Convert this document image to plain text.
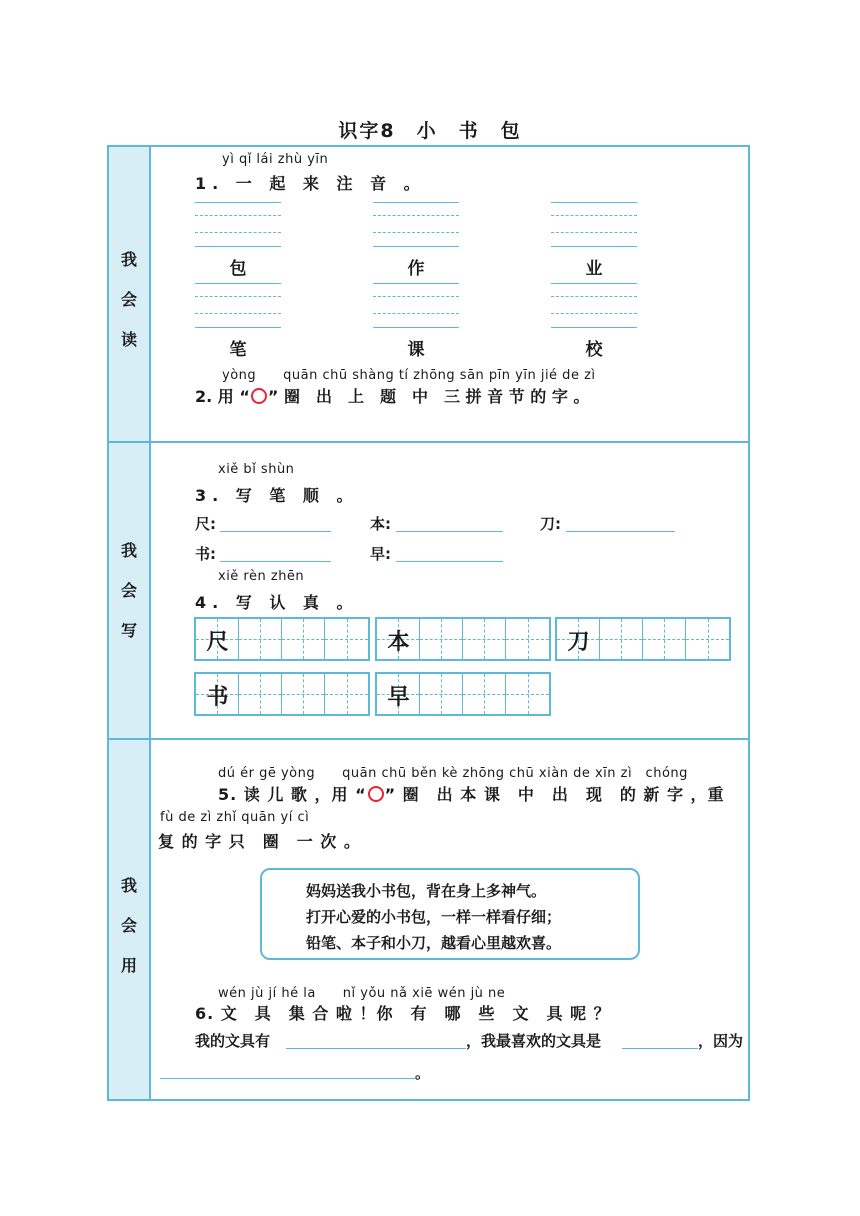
识字8　小　书　包
我
会
读
我
会
写
我
会
用
yì qǐ lái zhù yīn
1. 一 起 来 注 音 。
包	作	业
笔	课	校
yòng　　quān chū shàng tí zhōng sān pīn yīn jié de zì
2. 用 “ ” 圈　出　上　题　中　三 拼 音 节 的 字 。
xiě bǐ shùn
3. 写 笔 顺 。
尺:	本:	刀:
书:	早:
xiě rèn zhēn
4. 写 认 真 。
尺	本	刀
书	早
dú ér gē yòng　　quān chū běn kè zhōng chū xiàn de xīn zì　chóng
5. 读 儿 歌 ，用 “ ” 圈　出 本 课　中　出　现　的 新 字 ，重
fù de zì zhǐ quān yí cì
复 的 字 只　圈　一 次 。
妈妈送我小书包，背在身上多神气。
打开心爱的小书包，一样一样看仔细；
铅笔、本子和小刀，越看心里越欢喜。
wén jù jí hé la　　nǐ yǒu nǎ xiē wén jù ne
6. 文　具　集 合 啦 ！你　有　哪　些　文　具 呢 ？
我的文具有	，我最喜欢的文具是	，因为
。
